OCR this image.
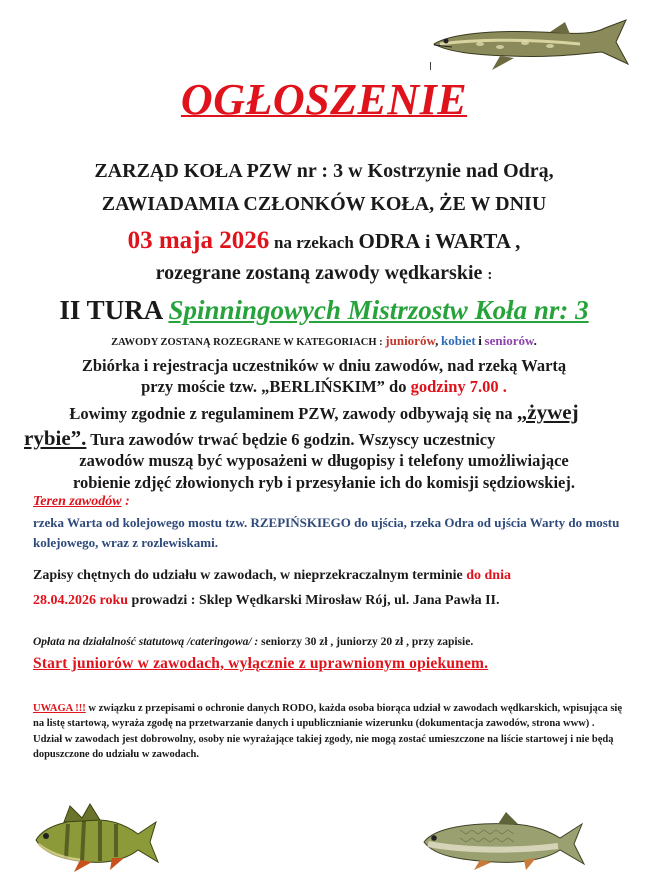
OGŁOSZENIE
ZARZĄD KOŁA PZW nr : 3 w Kostrzynie nad Odrą,
ZAWIADAMIA CZŁONKÓW KOŁA, ŻE W DNIU
03 maja 2026 na rzekach ODRA i WARTA ,
rozegrane zostaną zawody wędkarskie :
II TURA Spinningowych Mistrzostw Koła nr: 3
ZAWODY ZOSTANĄ ROZEGRANE W KATEGORIACH : juniorów, kobiet i seniorów.
Zbiórka i rejestracja uczestników w dniu zawodów, nad rzeką Wartą
przy moście tzw. „BERLIŃSKIM” do godziny 7.00 .
Łowimy zgodnie z regulaminem PZW, zawody odbywają się na „żywej
rybie”. Tura zawodów trwać będzie 6 godzin. Wszyscy uczestnicy
zawodów muszą być wyposażeni w długopisy i telefony umożliwiające
robienie zdjęć złowionych ryb i przesyłanie ich do komisji sędziowskiej.
Teren zawodów :
rzeka Warta od kolejowego mostu tzw. RZEPIŃSKIEGO do ujścia, rzeka Odra od ujścia Warty do mostu kolejowego, wraz z rozlewiskami.
Zapisy chętnych do udziału w zawodach, w nieprzekraczalnym terminie do dnia
28.04.2026 roku prowadzi : Sklep Wędkarski Mirosław Rój, ul. Jana Pawła II.
Opłata na działalność statutową /cateringowa/ : seniorzy 30 zł , juniorzy 20 zł , przy zapisie.
Start juniorów w zawodach, wyłącznie z uprawnionym opiekunem.
UWAGA !!! w związku z przepisami o ochronie danych RODO, każda osoba biorąca udział w zawodach wędkarskich, wpisująca się na listę startową, wyraża zgodę na przetwarzanie danych i upublicznianie wizerunku (dokumentacja zawodów, strona www) . Udział w zawodach jest dobrowolny, osoby nie wyrażające takiej zgody, nie mogą zostać umieszczone na liście startowej i nie będą dopuszczone do udziału w zawodach.
